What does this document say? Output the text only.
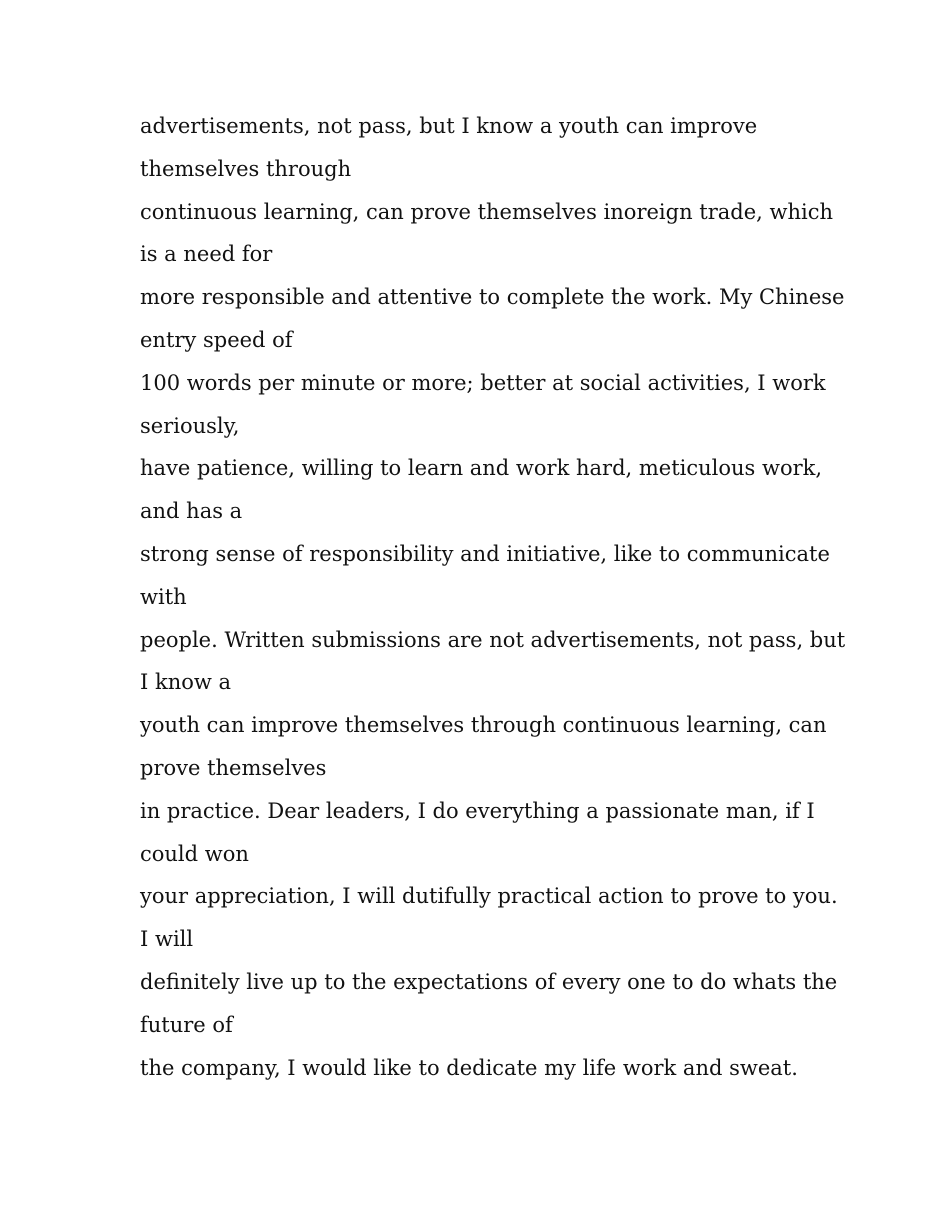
advertisements, not pass, but I know a youth can improve
themselves through
continuous learning, can prove themselves inoreign trade, which
is a need for
more responsible and attentive to complete the work. My Chinese
entry speed of
100 words per minute or more; better at social activities, I work
seriously,
have patience, willing to learn and work hard, meticulous work,
and has a
strong sense of responsibility and initiative, like to communicate
with
people. Written submissions are not advertisements, not pass, but
I know a
youth can improve themselves through continuous learning, can
prove themselves
in practice. Dear leaders, I do everything a passionate man, if I
could won
your appreciation, I will dutifully practical action to prove to you.
I will
definitely live up to the expectations of every one to do whats the
future of
the company, I would like to dedicate my life work and sweat.
